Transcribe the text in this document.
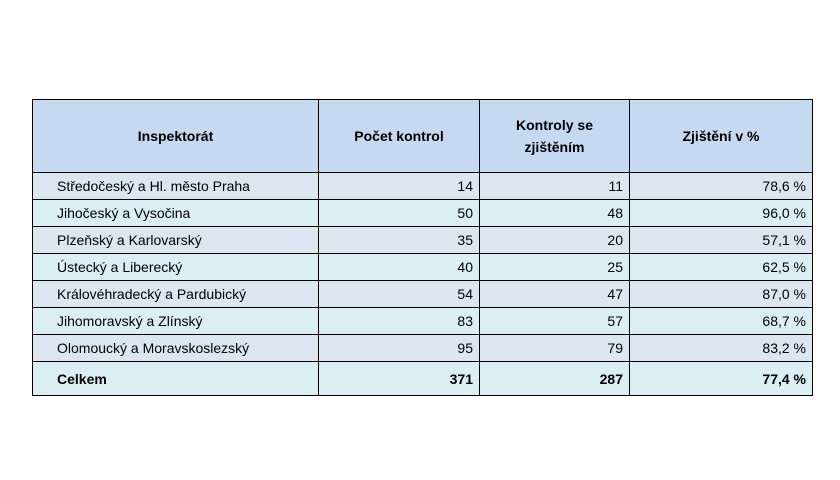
Inspektorát	Počet kontrol	Kontroly se zjištěním	Zjištění v %
Středočeský a Hl. město Praha	14	11	78,6 %
Jihočeský a Vysočina	50	48	96,0 %
Plzeňský a Karlovarský	35	20	57,1 %
Ústecký a Liberecký	40	25	62,5 %
Královéhradecký a Pardubický	54	47	87,0 %
Jihomoravský a Zlínský	83	57	68,7 %
Olomoucký a Moravskoslezský	95	79	83,2 %
Celkem	371	287	77,4 %
